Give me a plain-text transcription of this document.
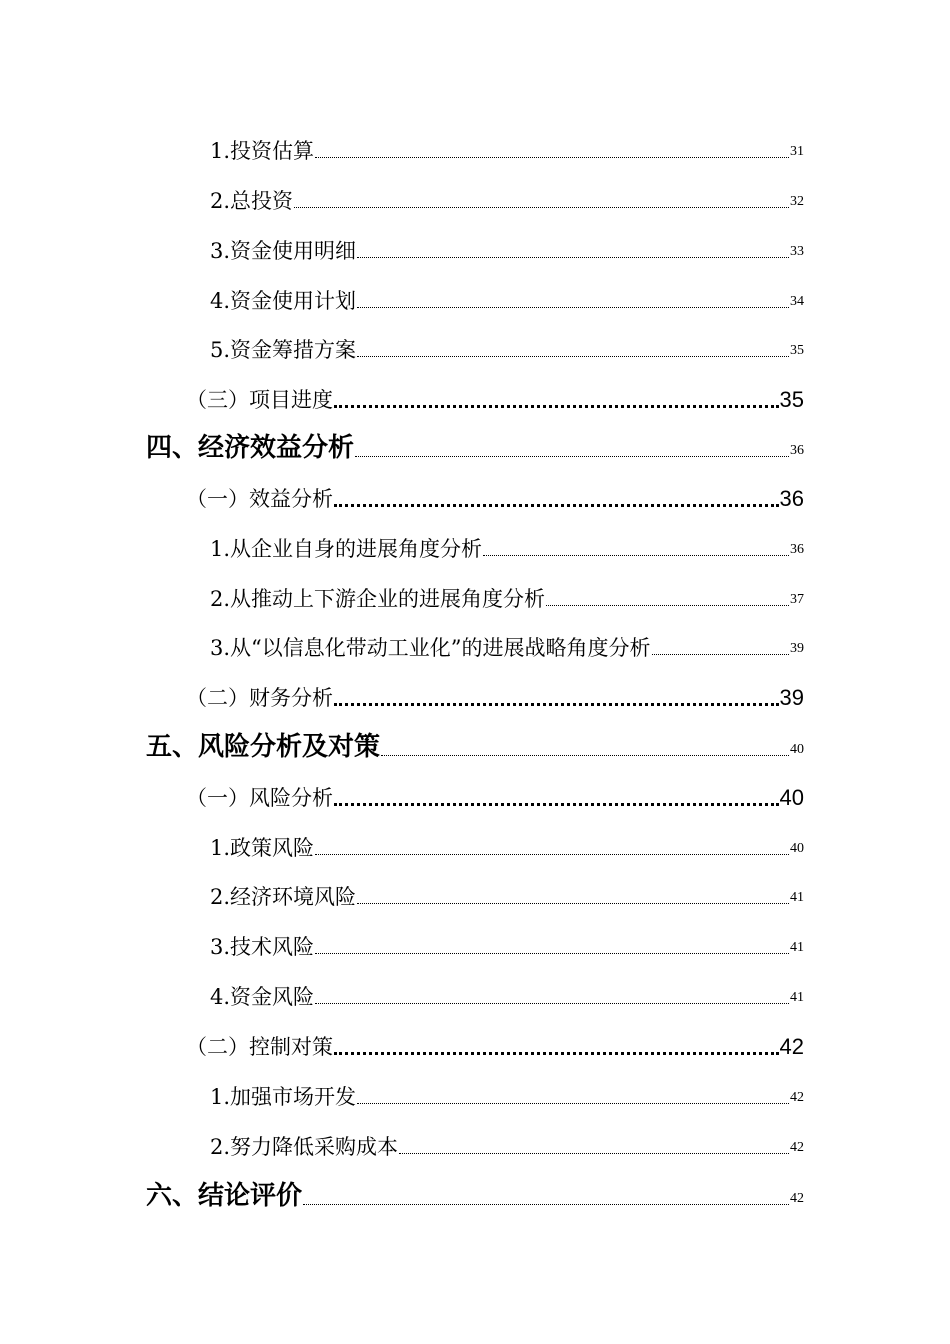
1.投资估算	31
2.总投资	32
3.资金使用明细	33
4.资金使用计划	34
5.资金筹措方案	35
（三）项目进度	35
四、经济效益分析	36
（一）效益分析	36
1.从企业自身的进展角度分析	36
2.从推动上下游企业的进展角度分析	37
3.从“以信息化带动工业化”的进展战略角度分析	39
（二）财务分析	39
五、风险分析及对策	40
（一）风险分析	40
1.政策风险	40
2.经济环境风险	41
3.技术风险	41
4.资金风险	41
（二）控制对策	42
1.加强市场开发	42
2.努力降低采购成本	42
六、结论评价	42
